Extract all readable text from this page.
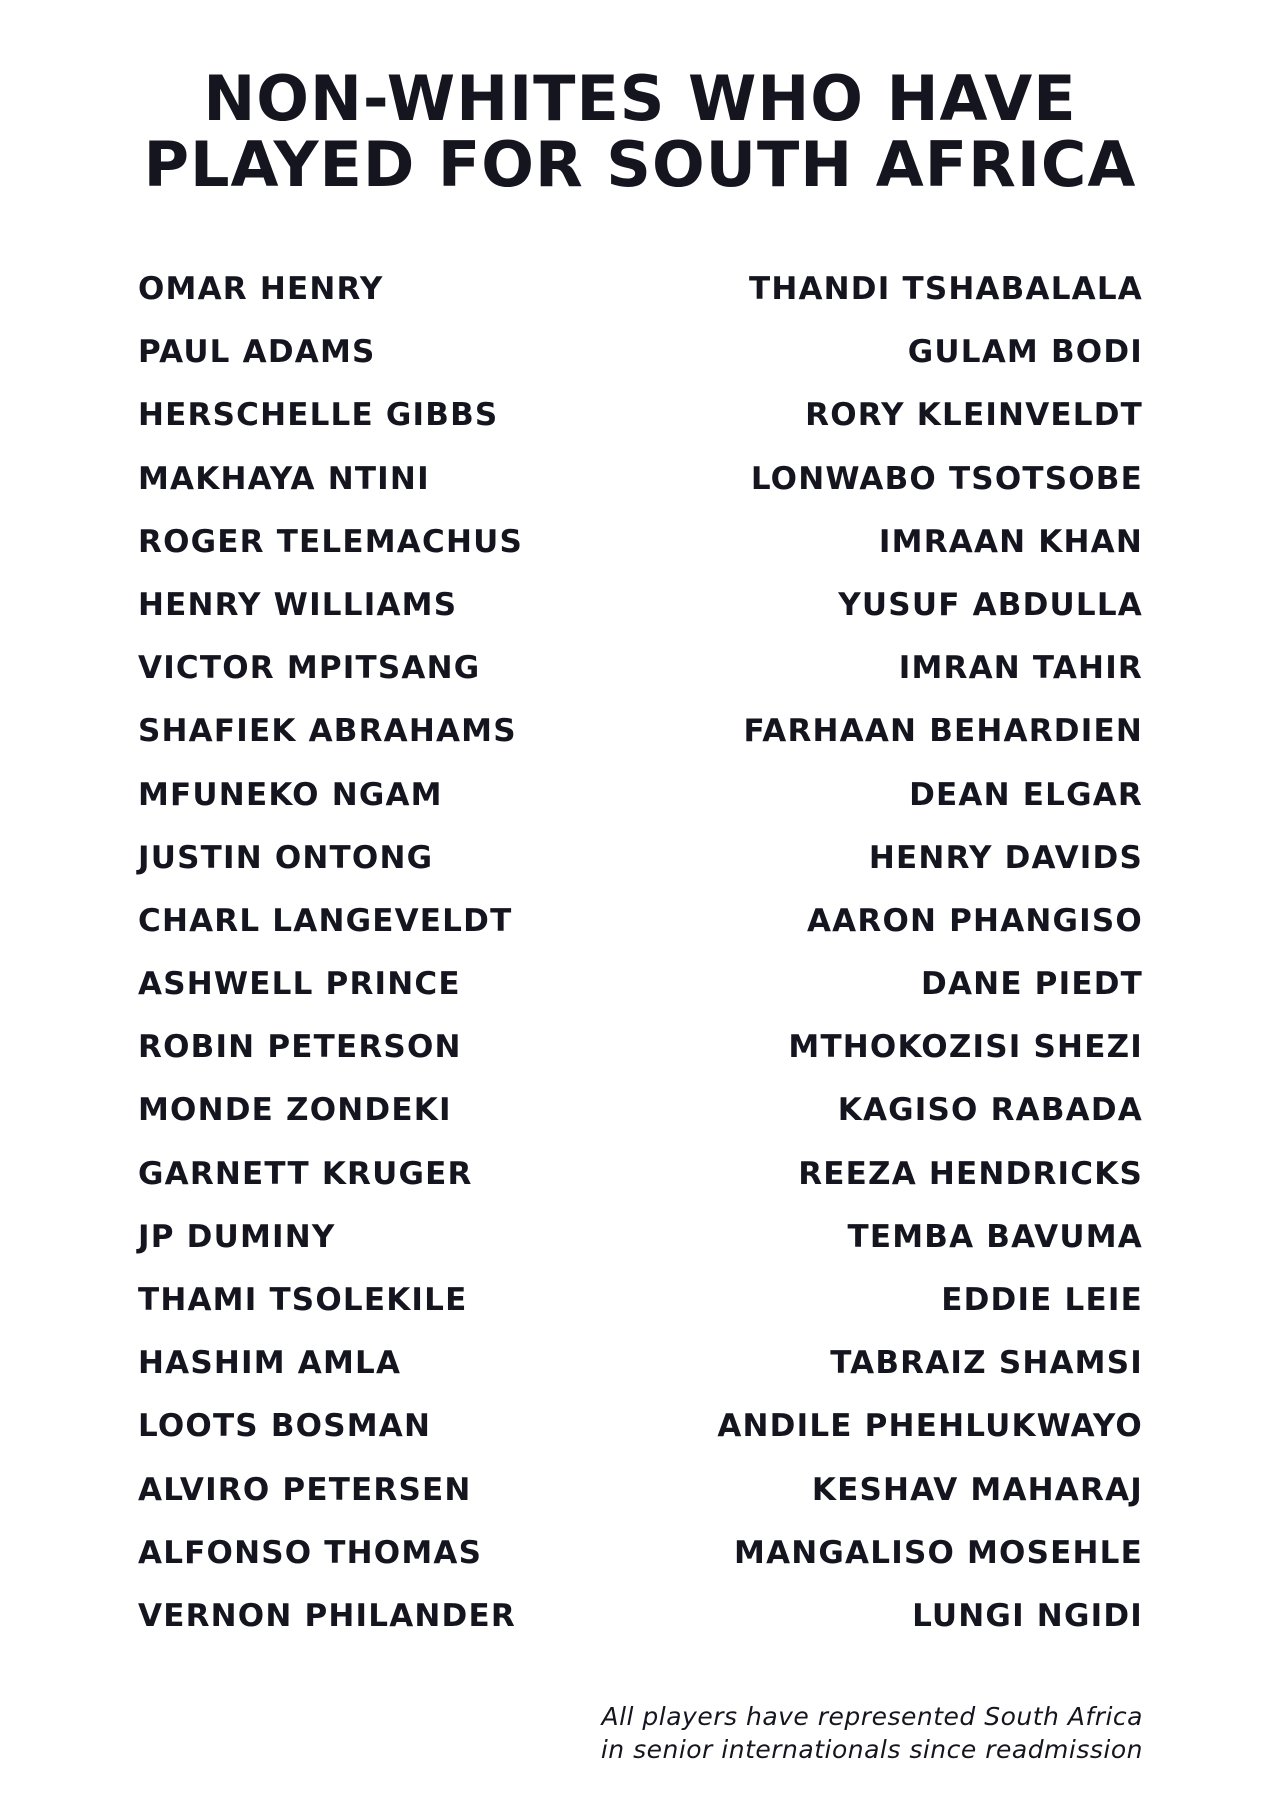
NON-WHITES WHO HAVE
PLAYED FOR SOUTH AFRICA
OMAR HENRY
PAUL ADAMS
HERSCHELLE GIBBS
MAKHAYA NTINI
ROGER TELEMACHUS
HENRY WILLIAMS
VICTOR MPITSANG
SHAFIEK ABRAHAMS
MFUNEKO NGAM
JUSTIN ONTONG
CHARL LANGEVELDT
ASHWELL PRINCE
ROBIN PETERSON
MONDE ZONDEKI
GARNETT KRUGER
JP DUMINY
THAMI TSOLEKILE
HASHIM AMLA
LOOTS BOSMAN
ALVIRO PETERSEN
ALFONSO THOMAS
VERNON PHILANDER
THANDI TSHABALALA
GULAM BODI
RORY KLEINVELDT
LONWABO TSOTSOBE
IMRAAN KHAN
YUSUF ABDULLA
IMRAN TAHIR
FARHAAN BEHARDIEN
DEAN ELGAR
HENRY DAVIDS
AARON PHANGISO
DANE PIEDT
MTHOKOZISI SHEZI
KAGISO RABADA
REEZA HENDRICKS
TEMBA BAVUMA
EDDIE LEIE
TABRAIZ SHAMSI
ANDILE PHEHLUKWAYO
KESHAV MAHARAJ
MANGALISO MOSEHLE
LUNGI NGIDI
All players have represented South Africa
in senior internationals since readmission
